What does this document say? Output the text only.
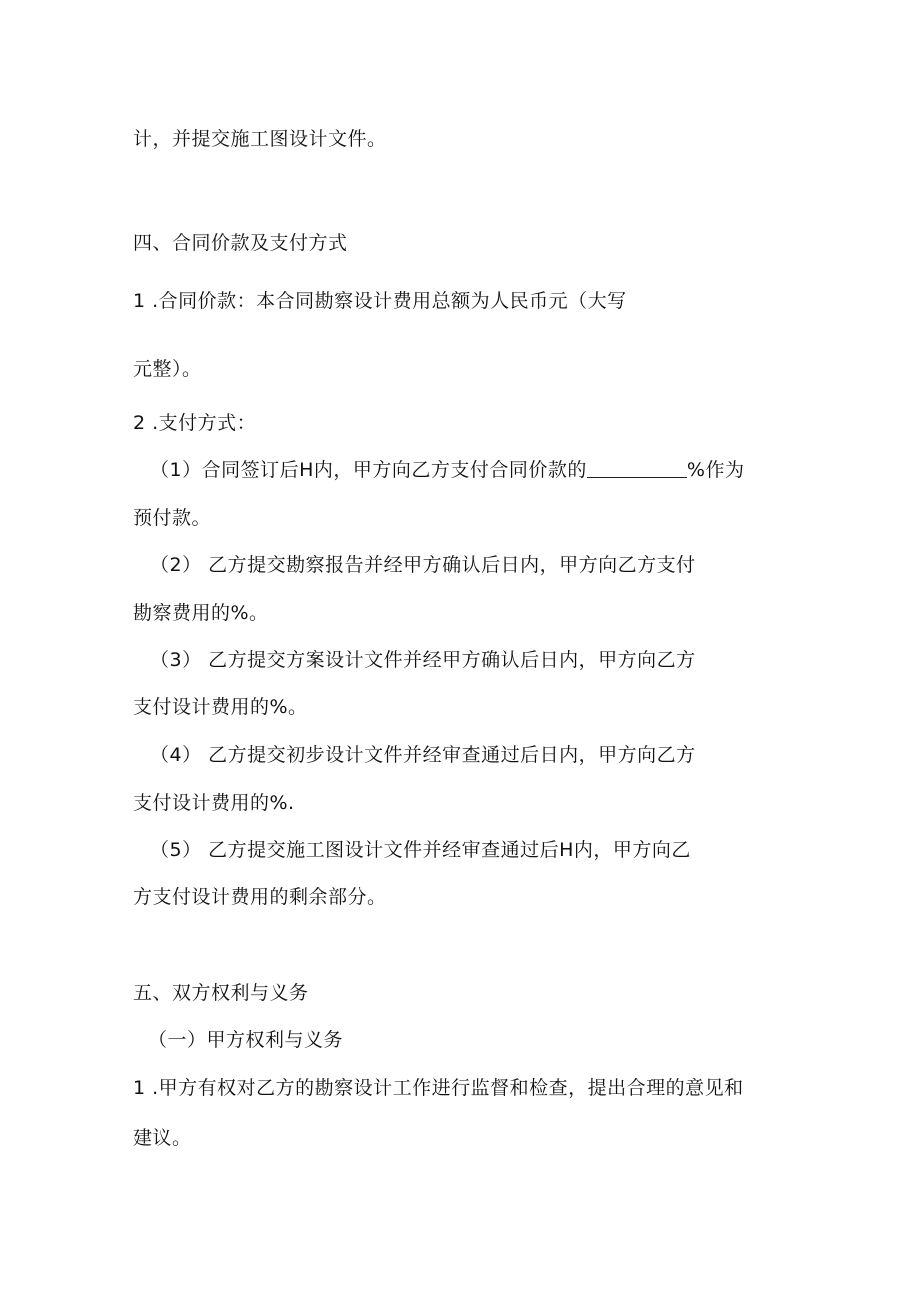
计，并提交施工图设计文件。
四、合同价款及支付方式
1 .合同价款：本合同勘察设计费用总额为人民币元（大写
元整）。
2 .支付方式：
（1）合同签订后H内，甲方向乙方支付合同价款的	%作为
预付款。
（2） 乙方提交勘察报告并经甲方确认后日内，甲方向乙方支付
勘察费用的%。
（3） 乙方提交方案设计文件并经甲方确认后日内，甲方向乙方
支付设计费用的%。
（4） 乙方提交初步设计文件并经审查通过后日内，甲方向乙方
支付设计费用的%.
（5） 乙方提交施工图设计文件并经审查通过后H内，甲方向乙
方支付设计费用的剩余部分。
五、双方权利与义务
（一）甲方权利与义务
1 .甲方有权对乙方的勘察设计工作进行监督和检查，提出合理的意见和
建议。
